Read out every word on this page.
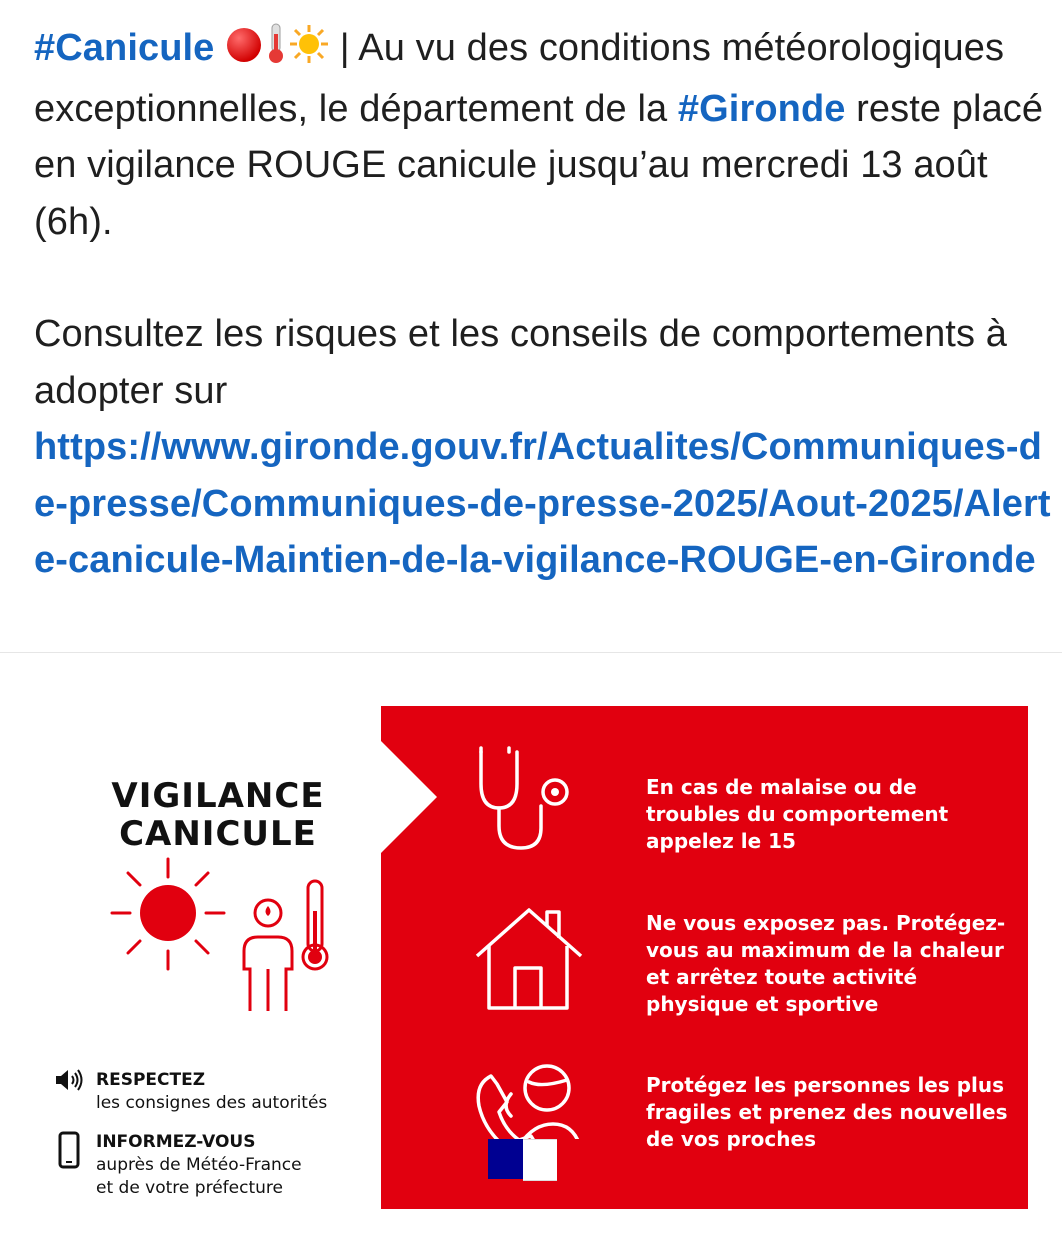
#Canicule	| Au vu des conditions météorologiques exceptionnelles, le département de la #Gironde reste placé en vigilance ROUGE canicule jusqu’au mercredi 13 août (6h).

Consultez les risques et les conseils de comportements à adopter sur
https://www.gironde.gouv.fr/Actualites/Communiques-de-presse/Communiques-de-presse-2025/Aout-2025/Alerte-canicule-Maintien-de-la-vigilance-ROUGE-en-Gironde

VIGILANCE
CANICULE
RESPECTEZ
les consignes des autorités
INFORMEZ-VOUS
auprès de Météo-France
et de votre préfecture
En cas de malaise ou de troubles du comportement appelez le 15
Ne vous exposez pas. Protégez-vous au maximum de la chaleur et arrêtez toute activité physique et sportive
Protégez les personnes les plus fragiles et prenez des nouvelles de vos proches
